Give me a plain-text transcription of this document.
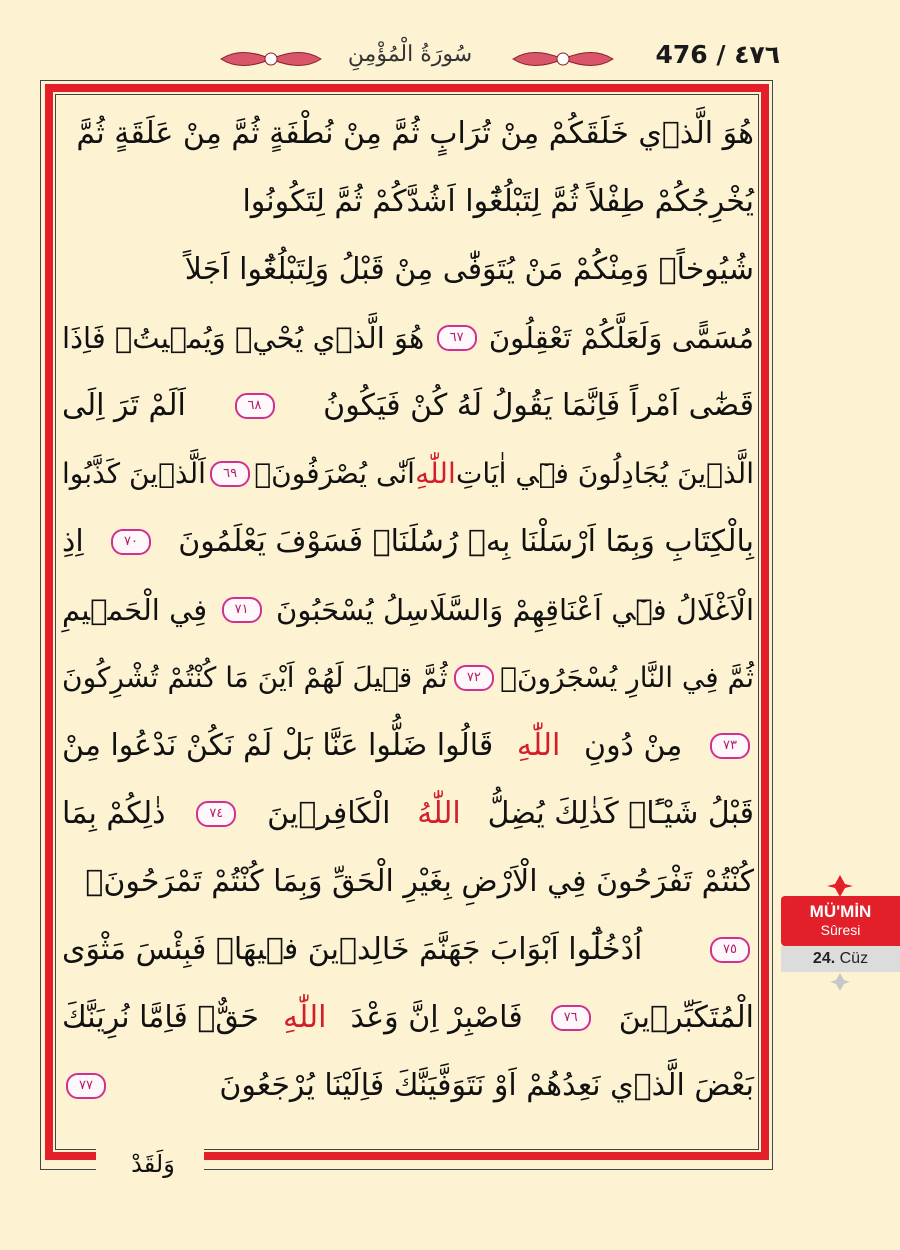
سُورَةُ الْمُؤْمِنِ	476 / ٤٧٦
وَلَقَدْ
هُوَ الَّذ۪ي خَلَقَكُمْ مِنْ تُرَابٍ ثُمَّ مِنْ نُطْفَةٍ ثُمَّ مِنْ عَلَقَةٍ ثُمَّ
يُخْرِجُكُمْ طِفْلاً ثُمَّ لِتَبْلُغُٓوا اَشُدَّكُمْ ثُمَّ لِتَكُونُوا
شُيُوخاًۚ وَمِنْكُمْ مَنْ يُتَوَفّٰى مِنْ قَبْلُ وَلِتَبْلُغُٓوا اَجَلاً
مُسَمًّى وَلَعَلَّكُمْ تَعْقِلُونَ
٦٧
هُوَ الَّذ۪ي يُحْي۪ وَيُم۪يتُۚ فَاِذَا
قَضٰٓى اَمْراً فَاِنَّمَا يَقُولُ لَهُ كُنْ فَيَكُونُ
٦٨
اَلَمْ تَرَ اِلَى
الَّذ۪ينَ يُجَادِلُونَ ف۪ٓي اٰيَاتِ
اللّٰهِ
اَنّٰى يُصْرَفُونَۚ
٦٩
اَلَّذ۪ينَ كَذَّبُوا
بِالْكِتَابِ وَبِمَٓا اَرْسَلْنَا بِه۪ رُسُلَنَاۚ فَسَوْفَ يَعْلَمُونَ
٧٠
اِذِ
الْاَغْلَالُ ف۪ٓي اَعْنَاقِهِمْ وَالسَّلَاسِلُ يُسْحَبُونَ
٧١
فِي الْحَم۪يمِ
ثُمَّ فِي النَّارِ يُسْجَرُونَۚ
٧٢
ثُمَّ ق۪يلَ لَهُمْ اَيْنَ مَا كُنْتُمْ تُشْرِكُونَ
٧٣
مِنْ دُونِ
اللّٰهِ
قَالُوا ضَلُّوا عَنَّا بَلْ لَمْ نَكُنْ نَدْعُوا مِنْ
قَبْلُ شَيْـًٔاۜ كَذٰلِكَ يُضِلُّ
اللّٰهُ
الْكَافِر۪ينَ
٧٤
ذٰلِكُمْ بِمَا
كُنْتُمْ تَفْرَحُونَ فِي الْاَرْضِ بِغَيْرِ الْحَقِّ وَبِمَا كُنْتُمْ تَمْرَحُونَۚ
٧٥
اُدْخُلُٓوا اَبْوَابَ جَهَنَّمَ خَالِد۪ينَ ف۪يهَاۚ فَبِئْسَ مَثْوَى
الْمُتَكَبِّر۪ينَ
٧٦
فَاصْبِرْ اِنَّ وَعْدَ
اللّٰهِ
حَقٌّۚ فَاِمَّا نُرِيَنَّكَ
بَعْضَ الَّذ۪ي نَعِدُهُمْ اَوْ نَتَوَفَّيَنَّكَ فَاِلَيْنَا يُرْجَعُونَ
٧٧
MÜ'MİN
Sûresi
24. Cüz
